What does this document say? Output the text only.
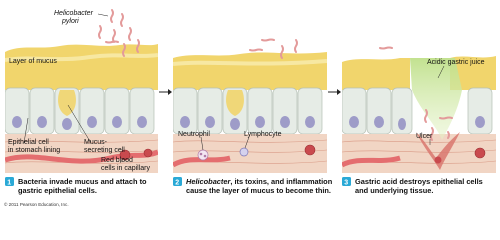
Helicobacter
pylori
Layer of mucus
Epithelial cell
in stomach lining
Mucus-
secreting cell
Red blood
cells in capillary
Neutrophil	Lymphocyte
Acidic gastric juice
Ulcer
1 Bacteria invade mucus and attach to
gastric epithelial cells.
2 Helicobacter, its toxins, and inflammation
cause the layer of mucus to become thin.
3 Gastric acid destroys epithelial cells
and underlying tissue.
© 2011 Pearson Education, Inc.
